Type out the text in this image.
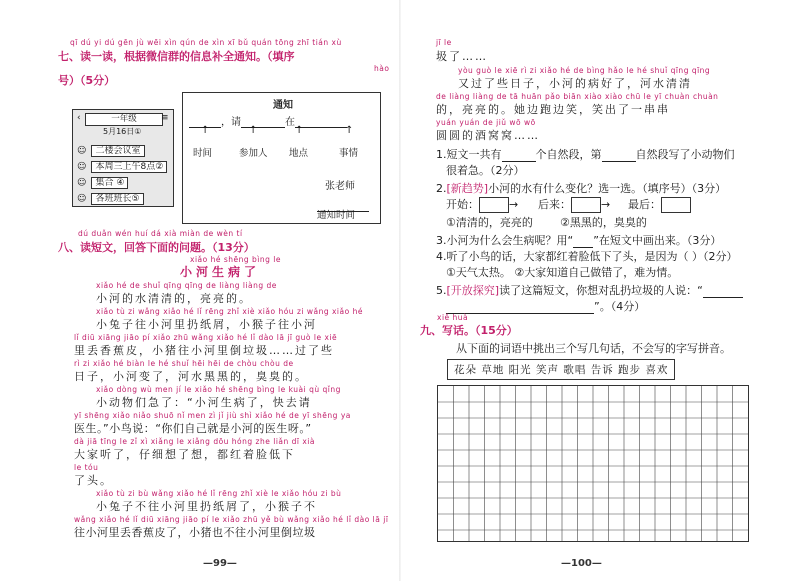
qī dú yi dú gēn jù wēi xìn qún de xìn xī bǔ quán tōng zhī tián xù
七、读一读，根据微信群的信息补全通知。（填序
hào
号）（5分）
一年级
‹	≡
5月16日①
☺ 二楼会议室
☺ 本周三上午8点②
☺ 集合 ④
☺ 各班班长⑤
通知
，请	在
↑	↑	↑	↑
时间	参加人 地点	事情
张老师
通知时间
dú duǎn wén huí dá xià miàn de wèn tí
八、读短文，回答下面的问题。（13分）
xiǎo hé shēng bìng le
小河生病了
xiǎo hé de shuǐ qīng qīng de liàng liàng de
小河的水清清的，亮亮的。
xiǎo tù zi wǎng xiǎo hé lǐ rēng zhǐ xiè xiǎo hóu zi wǎng xiǎo hé
小兔子往小河里扔纸屑，小猴子往小河
lǐ diū xiāng jiāo pí xiǎo zhū wǎng xiǎo hé lǐ dào lā jī guò le xiē
里丢香蕉皮，小猪往小河里倒垃圾……过了些
rì zi xiǎo hé biàn le hé shuǐ hēi hēi de chòu chòu de
日子，小河变了，河水黑黑的，臭臭的。
xiǎo dòng wù men jí le xiǎo hé shēng bìng le kuài qù qǐng
小动物们急了：“小河生病了，快去请
yī shēng xiǎo niǎo shuō nǐ men zì jǐ jiù shì xiǎo hé de yī shēng ya
医生。”小鸟说：“你们自己就是小河的医生呀。”
dà jiā tīng le zǐ xì xiǎng le xiǎng dōu hóng zhe liǎn dī xià
大家听了，仔细想了想，都红着脸低下
le tóu
了头。
xiǎo tù zi bù wǎng xiǎo hé lǐ rēng zhǐ xiè le xiǎo hóu zi bù
小兔子不往小河里扔纸屑了，小猴子不
wǎng xiǎo hé lǐ diū xiāng jiāo pí le xiǎo zhū yě bù wǎng xiǎo hé lǐ dào lā jī
往小河里丢香蕉皮了，小猪也不往小河里倒垃圾
—99—
jī le
圾了……
yòu guò le xiē rì zi xiǎo hé de bìng hǎo le hé shuǐ qīng qīng
又过了些日子，小河的病好了，河水清清
de liàng liàng de tā huān pǎo biān xiào xiào chū le yī chuàn chuàn
的，亮亮的。她边跑边笑，笑出了一串串
yuán yuán de jiǔ wō wō
圆圆的酒窝窝……
1.短文一共有	个自然段，第	自然段写了小动物们
很着急。（2分）
2.[新趋势]小河的水有什么变化？选一选。（填序号）（3分）
开始：	→ 后来：	→ 最后：
①清清的，亮亮的 ②黑黑的，臭臭的
3.小河为什么会生病呢？用“ ”在短文中画出来。（3分）
4.听了小鸟的话，大家都红着脸低下了头，是因为（ ）（2分）
①天气太热。 ②大家知道自己做错了，难为情。
5.[开放探究]读了这篇短文，你想对乱扔垃圾的人说：“
”。（4分）
xiě huà
九、写话。（15分）
从下面的词语中挑出三个写几句话，不会写的字写拼音。
花朵 草地 阳光 笑声 歌唱 告诉 跑步 喜欢
—100—
